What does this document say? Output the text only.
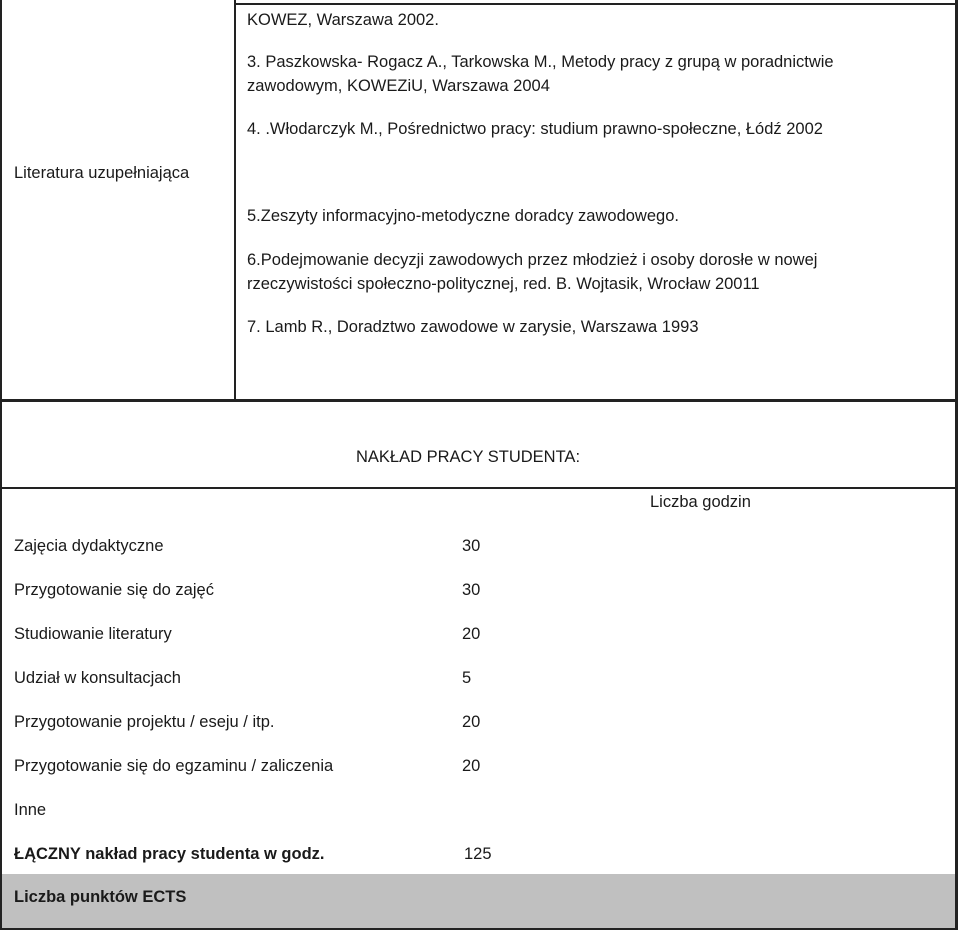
Literatura uzupełniająca
KOWEZ, Warszawa 2002.
3. Paszkowska- Rogacz A., Tarkowska M., Metody pracy z grupą w poradnictwie
zawodowym, KOWEZiU, Warszawa 2004
4. .Włodarczyk M., Pośrednictwo pracy: studium prawno-społeczne, Łódź 2002
5.Zeszyty informacyjno-metodyczne doradcy zawodowego.
6.Podejmowanie decyzji zawodowych przez młodzież i osoby dorosłe w nowej
rzeczywistości społeczno-politycznej, red. B. Wojtasik, Wrocław 20011
7. Lamb R., Doradztwo zawodowe w zarysie, Warszawa 1993
NAKŁAD PRACY STUDENTA:
Liczba godzin
Zajęcia dydaktyczne	30
Przygotowanie się do zajęć	30
Studiowanie literatury	20
Udział w konsultacjach	5
Przygotowanie projektu / eseju / itp.	20
Przygotowanie się do egzaminu / zaliczenia	20
Inne
ŁĄCZNY nakład pracy studenta w godz.	125
Liczba punktów ECTS
